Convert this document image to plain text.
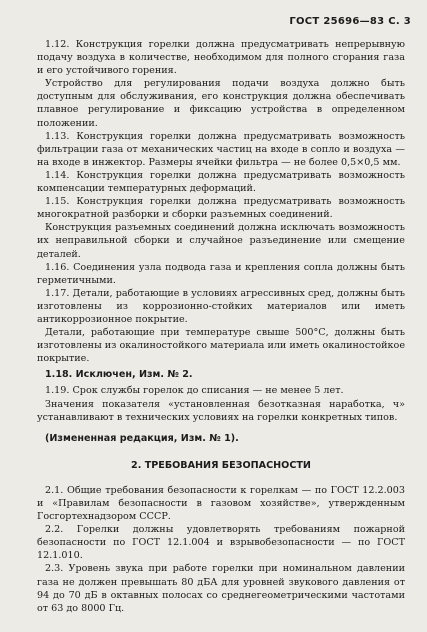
ГОСТ 25696—83 С. 3

1.12. Конструкция горелки должна предусматривать непрерывную подачу воздуха в количестве, необходимом для полного сгорания газа и его устойчивого горения.

Устройство для регулирования подачи воздуха должно быть доступным для обслуживания, его конструкция должна обеспечивать плавное регулирование и фиксацию устройства в определенном положении.

1.13. Конструкция горелки должна предусматривать возможность фильтрации газа от механических частиц на входе в сопло и воздуха — на входе в инжектор. Размеры ячейки фильтра — не более 0,5×0,5 мм.

1.14. Конструкция горелки должна предусматривать возможность компенсации температурных деформаций.

1.15. Конструкция горелки должна предусматривать возможность многократной разборки и сборки разъемных соединений.

Конструкция разъемных соединений должна исключать возможность их неправильной сборки и случайное разъединение или смещение деталей.

1.16. Соединения узла подвода газа и крепления сопла должны быть герметичными.

1.17. Детали, работающие в условиях агрессивных сред, должны быть изготовлены из коррозионно-стойких материалов или иметь антикоррозионное покрытие.

Детали, работающие при температуре свыше 500°С, должны быть изготовлены из окалиностойкого материала или иметь окалиностойкое покрытие.

1.18. Исключен, Изм. № 2.

1.19. Срок службы горелок до списания — не менее 5 лет.

Значения показателя «установленная безотказная наработка, ч» устанавливают в технических условиях на горелки конкретных типов.

(Измененная редакция, Изм. № 1).

2. ТРЕБОВАНИЯ БЕЗОПАСНОСТИ

2.1. Общие требования безопасности к горелкам — по ГОСТ 12.2.003 и «Правилам безопасности в газовом хозяйстве», утвержденным Госгортехнадзором СССР.

2.2. Горелки должны удовлетворять требованиям пожарной безопасности по ГОСТ 12.1.004 и взрывобезопасности — по ГОСТ 12.1.010.

2.3. Уровень звука при работе горелки при номинальном давлении газа не должен превышать 80 дБА для уровней звукового давления от 94 до 70 дБ в октавных полосах со среднегеометрическими частотами от 63 до 8000 Гц.
